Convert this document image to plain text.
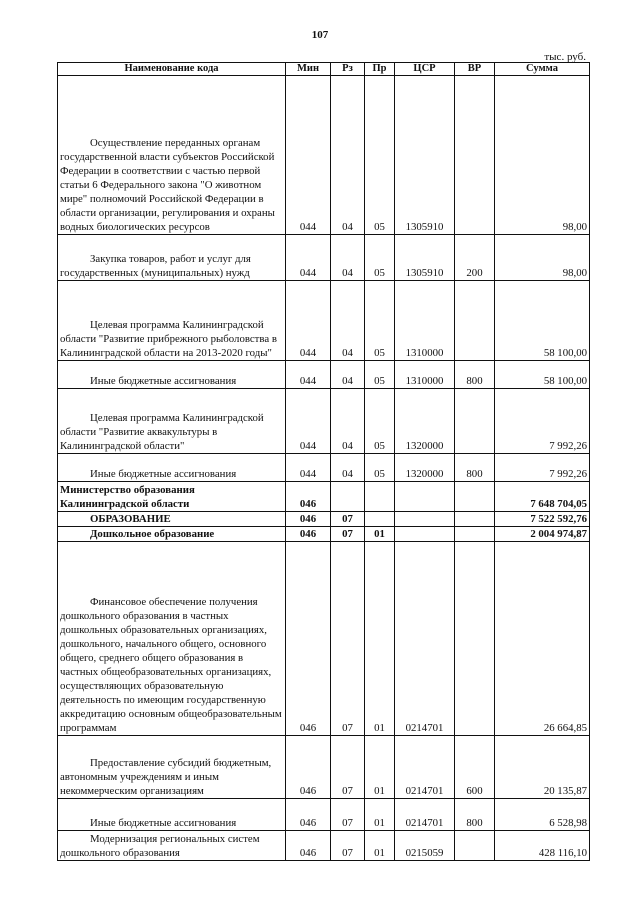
107
тыс. руб.
Наименование кода	Мин	Рз	Пр	ЦСР	ВР	Сумма

Осуществление переданных органам государственной власти субъектов Российской Федерации в соответствии с частью первой статьи 6 Федерального закона "О животном мире" полномочий Российской Федерации в области организации, регулирования и охраны водных биологических ресурсов	044	04	05	1305910		98,00

Закупка товаров, работ и услуг для государственных (муниципальных) нужд	044	04	05	1305910	200	98,00

Целевая программа Калининградской области "Развитие прибрежного рыболовства в Калининградской области на 2013-2020 годы"	044	04	05	1310000		58 100,00

Иные бюджетные ассигнования	044	04	05	1310000	800	58 100,00

Целевая программа Калининградской области "Развитие аквакультуры в Калининградской области"	044	04	05	1320000		7 992,26

Иные бюджетные ассигнования	044	04	05	1320000	800	7 992,26
Министерство образования Калининградской области	046					7 648 704,05

ОБРАЗОВАНИЕ	046	07				7 522 592,76

Дошкольное образование	046	07	01			2 004 974,87

Финансовое обеспечение получения дошкольного образования в частных дошкольных образовательных организациях, дошкольного, начального общего, основного общего, среднего общего образования в частных общеобразовательных организациях, осуществляющих образовательную деятельность по имеющим государственную аккредитацию основным общеобразовательным программам	046	07	01	0214701		26 664,85

Предоставление субсидий бюджетным, автономным учреждениям и иным некоммерческим организациям	046	07	01	0214701	600	20 135,87

Иные бюджетные ассигнования	046	07	01	0214701	800	6 528,98

Модернизация региональных систем дошкольного образования	046	07	01	0215059		428 116,10
